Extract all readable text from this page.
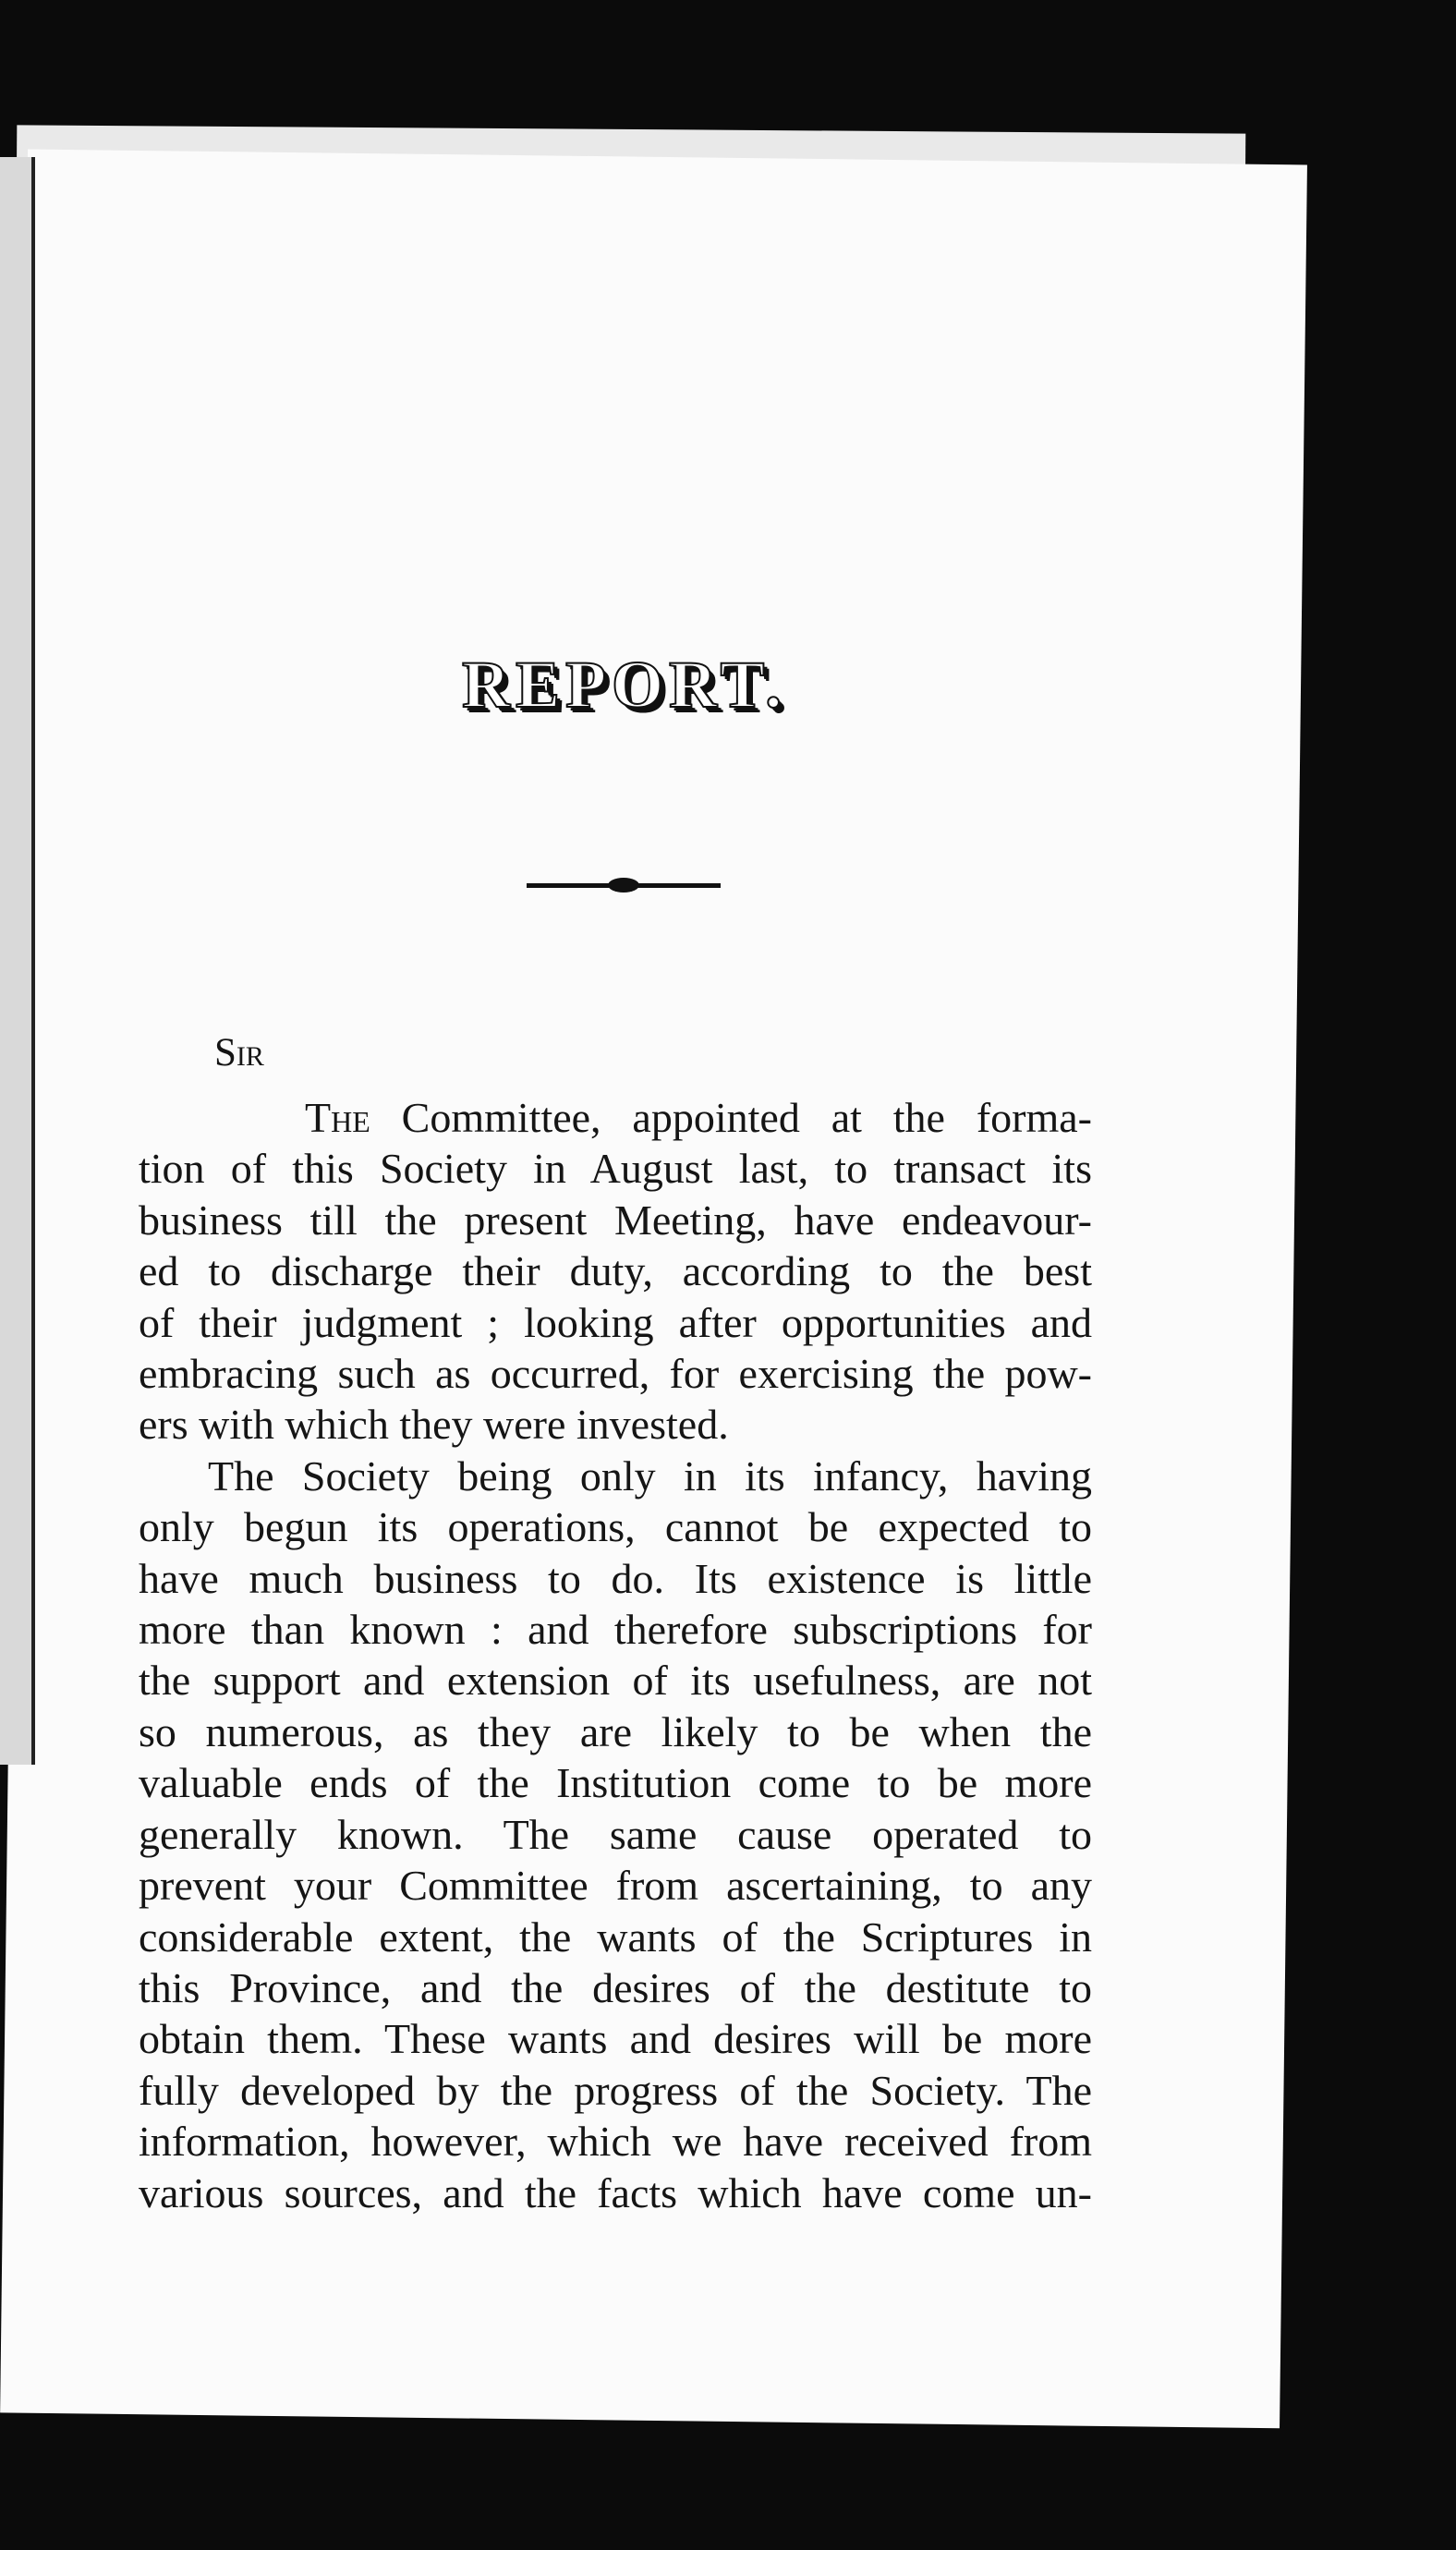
REPORT.
Sir
The Committee, appointed at the forma-
tion of this Society in August last, to transact its
business till the present Meeting, have endeavour-
ed to discharge their duty, according to the best
of their judgment ; looking after opportunities and
embracing such as occurred, for exercising the pow-
ers with which they were invested.
The Society being only in its infancy, having
only begun its operations, cannot be expected to
have much business to do. Its existence is little
more than known : and therefore subscriptions for
the support and extension of its usefulness, are not
so numerous, as they are likely to be when the
valuable ends of the Institution come to be more
generally known. The same cause operated to
prevent your Committee from ascertaining, to any
considerable extent, the wants of the Scriptures in
this Province, and the desires of the destitute to
obtain them. These wants and desires will be more
fully developed by the progress of the Society. The
information, however, which we have received from
various sources, and the facts which have come un-
